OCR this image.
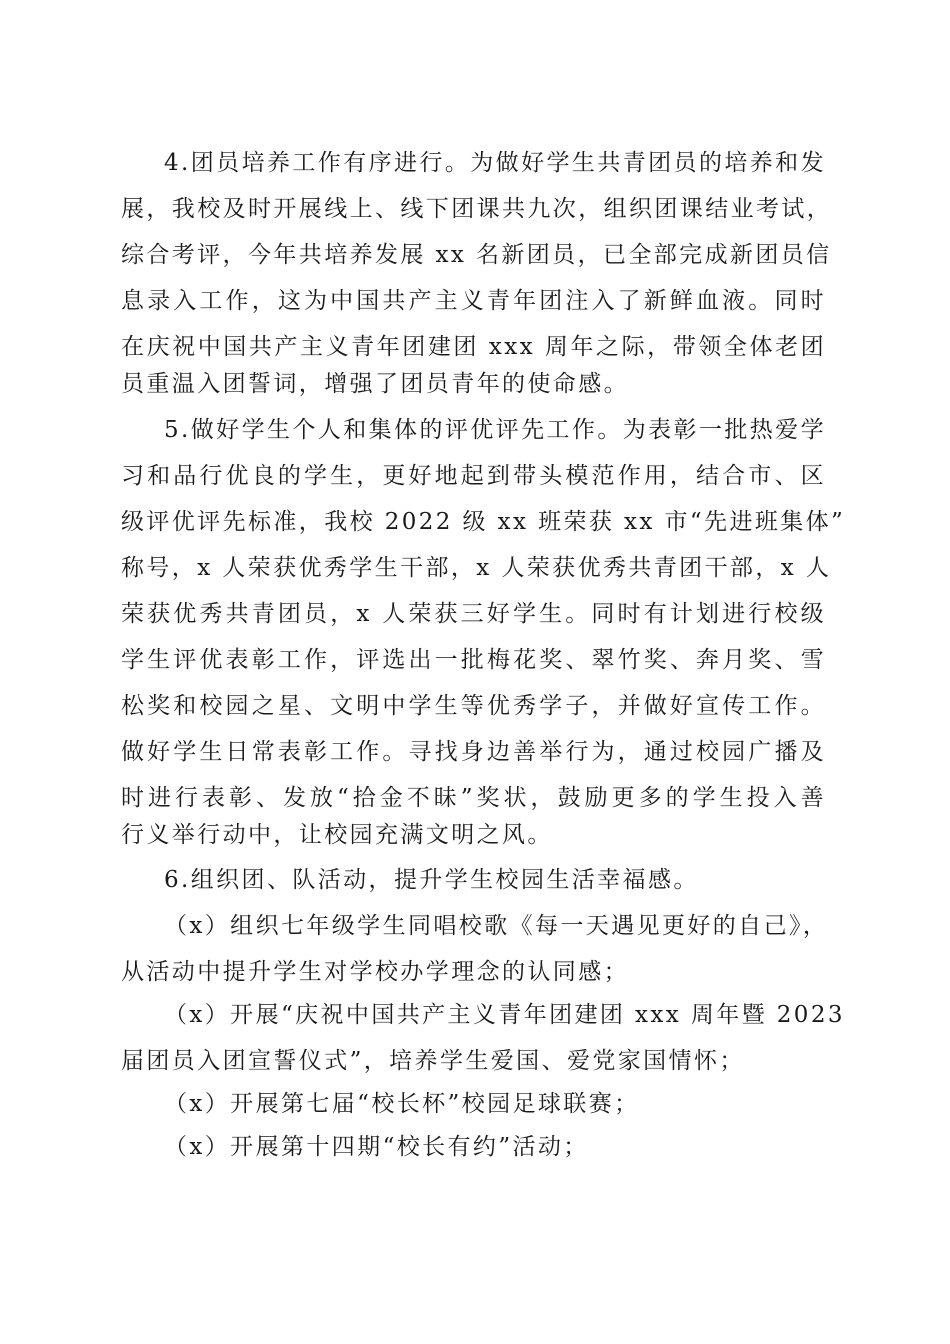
4.团员培养工作有序进行。为做好学生共青团员的培养和发
展，我校及时开展线上、线下团课共九次，组织团课结业考试，
综合考评，今年共培养发展 xx 名新团员，已全部完成新团员信
息录入工作，这为中国共产主义青年团注入了新鲜血液。同时
在庆祝中国共产主义青年团建团 xxx 周年之际，带领全体老团
员重温入团誓词，增强了团员青年的使命感。
5.做好学生个人和集体的评优评先工作。为表彰一批热爱学
习和品行优良的学生，更好地起到带头模范作用，结合市、区
级评优评先标准，我校 2022 级 xx 班荣获 xx 市“先进班集体”
称号，x 人荣获优秀学生干部，x 人荣获优秀共青团干部，x 人
荣获优秀共青团员，x 人荣获三好学生。同时有计划进行校级
学生评优表彰工作，评选出一批梅花奖、翠竹奖、奔月奖、雪
松奖和校园之星、文明中学生等优秀学子，并做好宣传工作。
做好学生日常表彰工作。寻找身边善举行为，通过校园广播及
时进行表彰、发放“拾金不昧”奖状，鼓励更多的学生投入善
行义举行动中，让校园充满文明之风。
6.组织团、队活动，提升学生校园生活幸福感。
（x）组织七年级学生同唱校歌《每一天遇见更好的自己》，
从活动中提升学生对学校办学理念的认同感；
（x）开展“庆祝中国共产主义青年团建团 xxx 周年暨 2023
届团员入团宣誓仪式”，培养学生爱国、爱党家国情怀；
（x）开展第七届“校长杯”校园足球联赛；
（x）开展第十四期“校长有约”活动；
